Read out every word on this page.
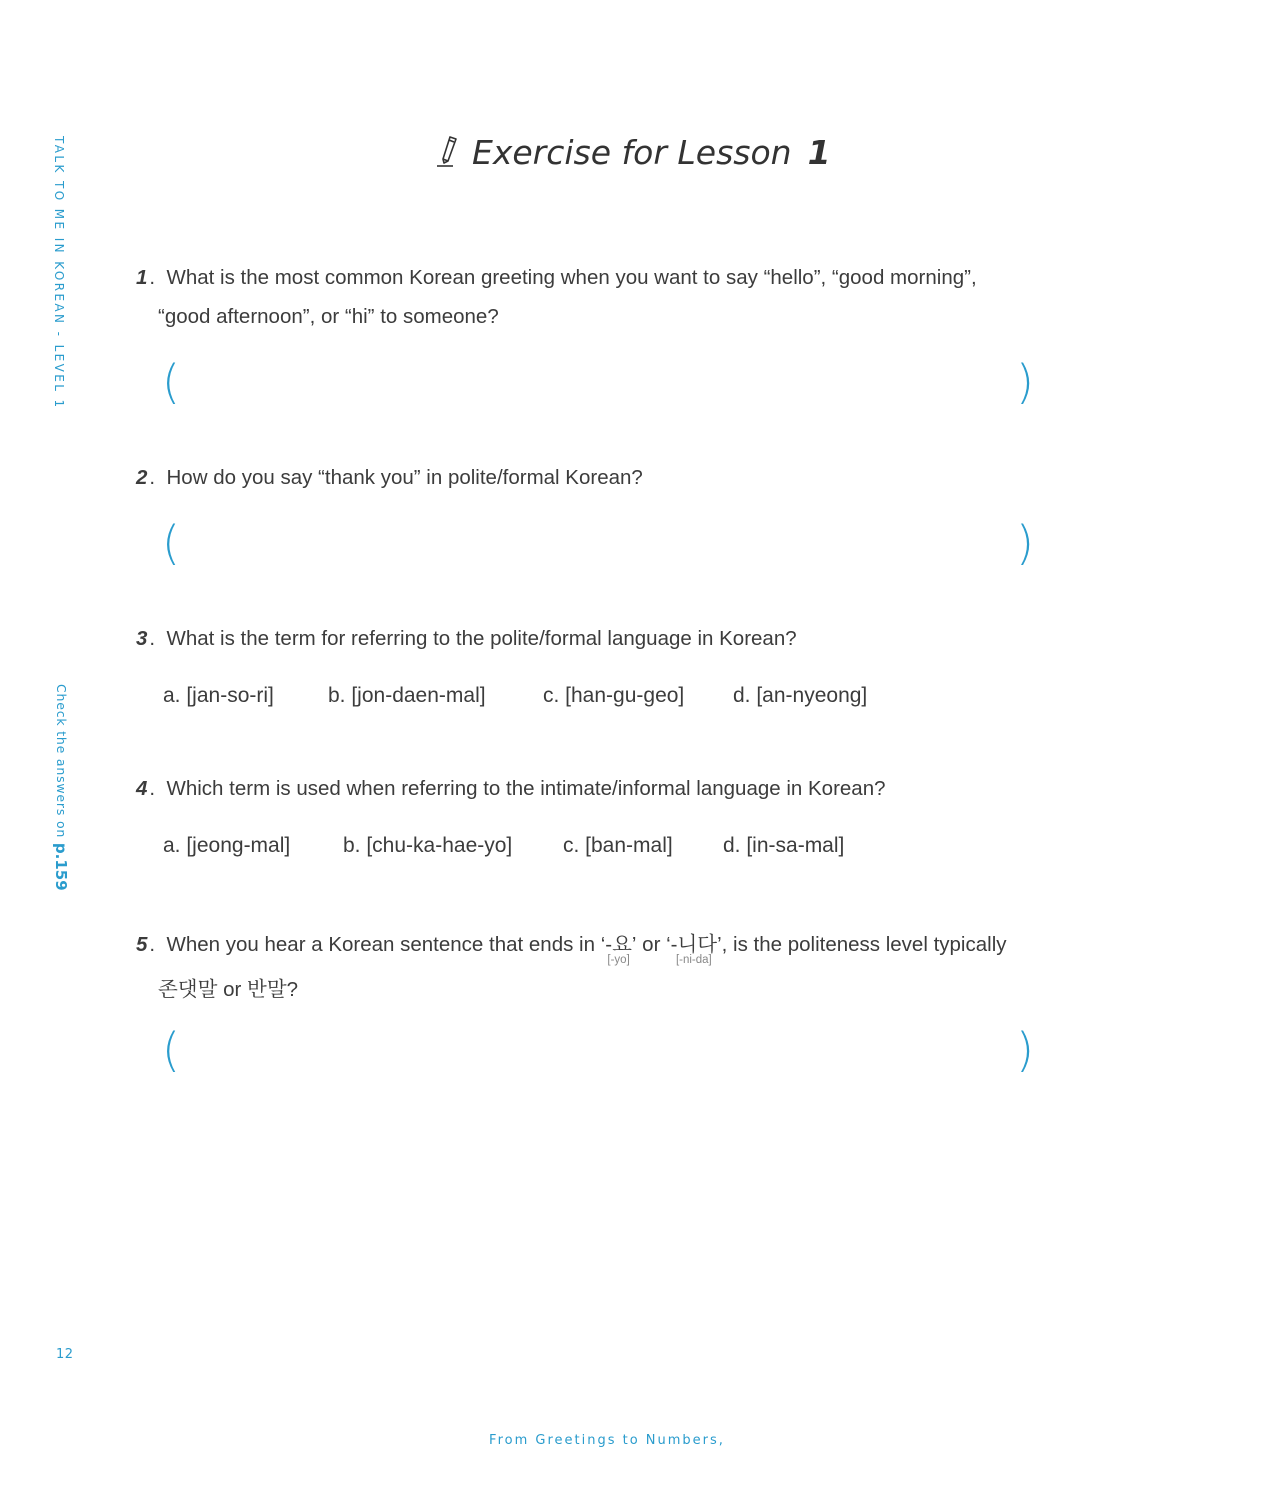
TALK TO ME IN KOREAN - LEVEL 1
Check the answers on p.159
12
Exercise for Lesson 1
1.  What is the most common Korean greeting when you want to say “hello”, “good morning”,
“good afternoon”, or “hi” to someone?
(	)
2.  How do you say “thank you” in polite/formal Korean?
(	)
3.  What is the term for referring to the polite/formal language in Korean?
a. [jan-so-ri]	b. [jon-daen-mal]	c. [han-gu-geo] d. [an-nyeong]
4.  Which term is used when referring to the intimate/informal language in Korean?
a. [jeong-mal]	b. [chu-ka-hae-yo] c. [ban-mal] d. [in-sa-mal]
5.  When you hear a Korean sentence that ends in ‘-요’
[-yo]
or ‘-니다’
[-ni-da]
, is the politeness level typically
존댓말 or 반말?
(	)
From Greetings to Numbers,
